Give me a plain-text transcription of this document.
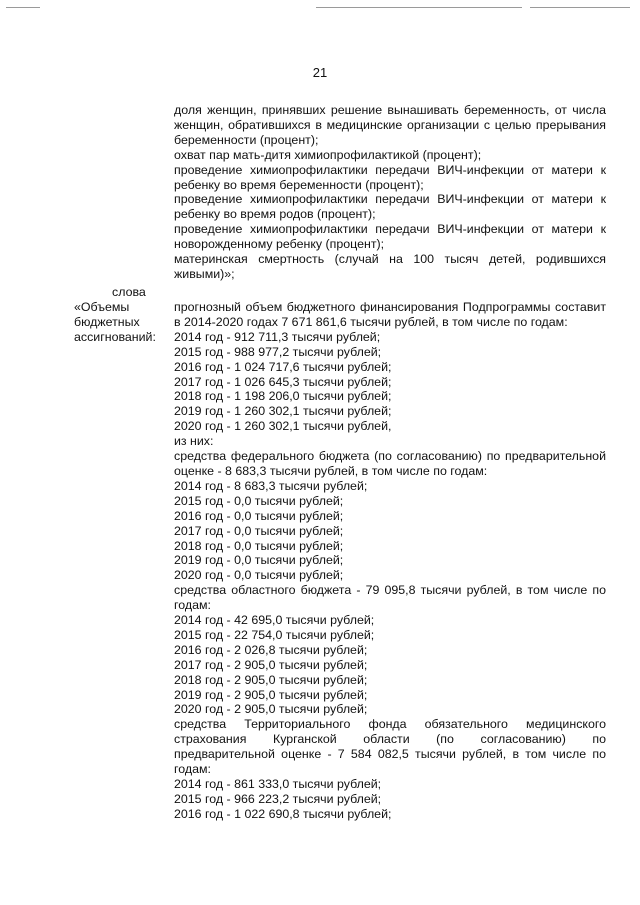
21

доля женщин, принявших решение вынашивать беременность, от числа женщин, обратившихся в медицинские организации с целью прерывания беременности (процент);

охват пар мать-дитя химиопрофилактикой (процент);

проведение химиопрофилактики передачи ВИЧ-инфекции от матери к ребенку во время беременности (процент);

проведение химиопрофилактики передачи ВИЧ-инфекции от матери к ребенку во время родов (процент);

проведение химиопрофилактики передачи ВИЧ-инфекции от матери к новорожденному ребенку (процент);

материнская смертность (случай на 100 тысяч детей, родившихся живыми)»;

слова
«Объемы
бюджетных
ассигнований:

прогнозный объем бюджетного финансирования Подпрограммы составит в 2014-2020 годах 7 671 861,6 тысячи рублей, в том числе по годам:

2014 год - 912 711,3 тысячи рублей;

2015 год - 988 977,2 тысячи рублей;

2016 год - 1 024 717,6 тысячи рублей;

2017 год - 1 026 645,3 тысячи рублей;

2018 год - 1 198 206,0 тысячи рублей;

2019 год - 1 260 302,1 тысячи рублей;

2020 год - 1 260 302,1 тысячи рублей,

из них:

средства федерального бюджета (по согласованию) по предварительной оценке - 8 683,3 тысячи рублей, в том числе по годам:

2014 год - 8 683,3 тысячи рублей;

2015 год - 0,0 тысячи рублей;

2016 год - 0,0 тысячи рублей;

2017 год - 0,0 тысячи рублей;

2018 год - 0,0 тысячи рублей;

2019 год - 0,0 тысячи рублей;

2020 год - 0,0 тысячи рублей;

средства областного бюджета - 79 095,8 тысячи рублей, в том числе по годам:

2014 год - 42 695,0 тысячи рублей;

2015 год - 22 754,0 тысячи рублей;

2016 год - 2 026,8 тысячи рублей;

2017 год - 2 905,0 тысячи рублей;

2018 год - 2 905,0 тысячи рублей;

2019 год - 2 905,0 тысячи рублей;

2020 год - 2 905,0 тысячи рублей;

средства Территориального фонда обязательного медицинского

страхования Курганской области (по согласованию) по

предварительной оценке - 7 584 082,5 тысячи рублей, в том числе по годам:

2014 год - 861 333,0 тысячи рублей;

2015 год - 966 223,2 тысячи рублей;

2016 год - 1 022 690,8 тысячи рублей;
